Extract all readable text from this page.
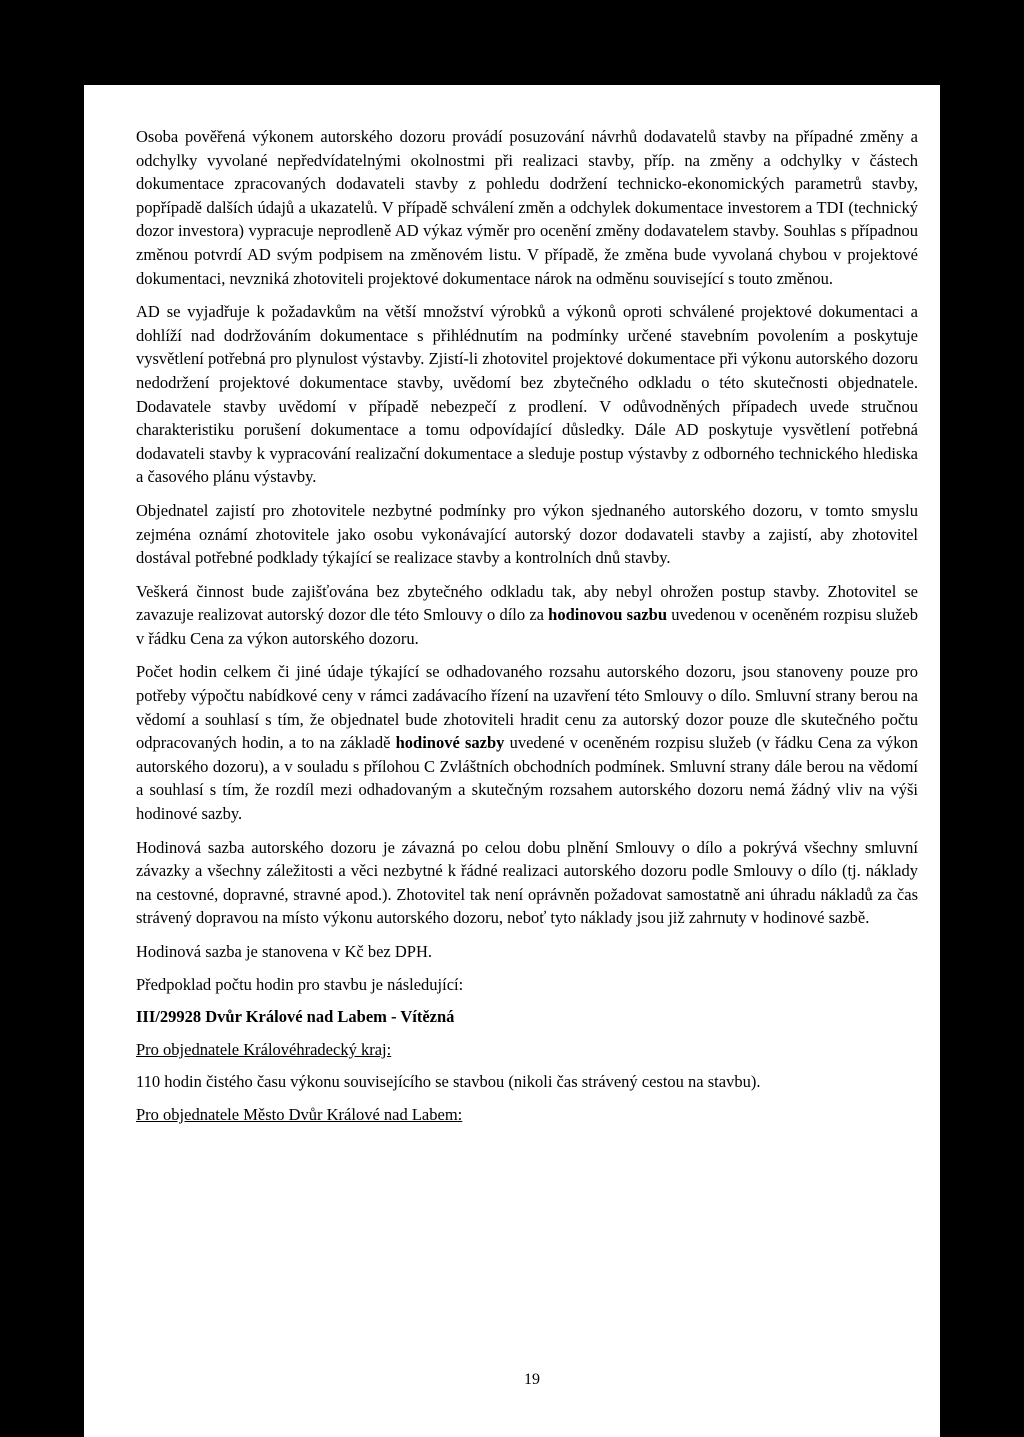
Osoba pověřená výkonem autorského dozoru provádí posuzování návrhů dodavatelů stavby na případné změny a odchylky vyvolané nepředvídatelnými okolnostmi při realizaci stavby, příp. na změny a odchylky v částech dokumentace zpracovaných dodavateli stavby z pohledu dodržení technicko-ekonomických parametrů stavby, popřípadě dalších údajů a ukazatelů. V případě schválení změn a odchylek dokumentace investorem a TDI (technický dozor investora) vypracuje neprodleně AD výkaz výměr pro ocenění změny dodavatelem stavby. Souhlas s případnou změnou potvrdí AD svým podpisem na změnovém listu. V případě, že změna bude vyvolaná chybou v projektové dokumentaci, nevzniká zhotoviteli projektové dokumentace nárok na odměnu související s touto změnou.

AD se vyjadřuje k požadavkům na větší množství výrobků a výkonů oproti schválené projektové dokumentaci a dohlíží nad dodržováním dokumentace s přihlédnutím na podmínky určené stavebním povolením a poskytuje vysvětlení potřebná pro plynulost výstavby. Zjistí-li zhotovitel projektové dokumentace při výkonu autorského dozoru nedodržení projektové dokumentace stavby, uvědomí bez zbytečného odkladu o této skutečnosti objednatele. Dodavatele stavby uvědomí v případě nebezpečí z prodlení. V odůvodněných případech uvede stručnou charakteristiku porušení dokumentace a tomu odpovídající důsledky. Dále AD poskytuje vysvětlení potřebná dodavateli stavby k vypracování realizační dokumentace a sleduje postup výstavby z odborného technického hlediska a časového plánu výstavby.

Objednatel zajistí pro zhotovitele nezbytné podmínky pro výkon sjednaného autorského dozoru, v tomto smyslu zejména oznámí zhotovitele jako osobu vykonávající autorský dozor dodavateli stavby a zajistí, aby zhotovitel dostával potřebné podklady týkající se realizace stavby a kontrolních dnů stavby.

Veškerá činnost bude zajišťována bez zbytečného odkladu tak, aby nebyl ohrožen postup stavby. Zhotovitel se zavazuje realizovat autorský dozor dle této Smlouvy o dílo za hodinovou sazbu uvedenou v oceněném rozpisu služeb v řádku Cena za výkon autorského dozoru.

Počet hodin celkem či jiné údaje týkající se odhadovaného rozsahu autorského dozoru, jsou stanoveny pouze pro potřeby výpočtu nabídkové ceny v rámci zadávacího řízení na uzavření této Smlouvy o dílo. Smluvní strany berou na vědomí a souhlasí s tím, že objednatel bude zhotoviteli hradit cenu za autorský dozor pouze dle skutečného počtu odpracovaných hodin, a to na základě hodinové sazby uvedené v oceněném rozpisu služeb (v řádku Cena za výkon autorského dozoru), a v souladu s přílohou C Zvláštních obchodních podmínek. Smluvní strany dále berou na vědomí a souhlasí s tím, že rozdíl mezi odhadovaným a skutečným rozsahem autorského dozoru nemá žádný vliv na výši hodinové sazby.

Hodinová sazba autorského dozoru je závazná po celou dobu plnění Smlouvy o dílo a pokrývá všechny smluvní závazky a všechny záležitosti a věci nezbytné k řádné realizaci autorského dozoru podle Smlouvy o dílo (tj. náklady na cestovné, dopravné, stravné apod.). Zhotovitel tak není oprávněn požadovat samostatně ani úhradu nákladů za čas strávený dopravou na místo výkonu autorského dozoru, neboť tyto náklady jsou již zahrnuty v hodinové sazbě.

Hodinová sazba je stanovena v Kč bez DPH.

Předpoklad počtu hodin pro stavbu je následující:

III/29928 Dvůr Králové nad Labem - Vítězná

Pro objednatele Královéhradecký kraj:

110 hodin čistého času výkonu souvisejícího se stavbou (nikoli čas strávený cestou na stavbu).

Pro objednatele Město Dvůr Králové nad Labem:

19
